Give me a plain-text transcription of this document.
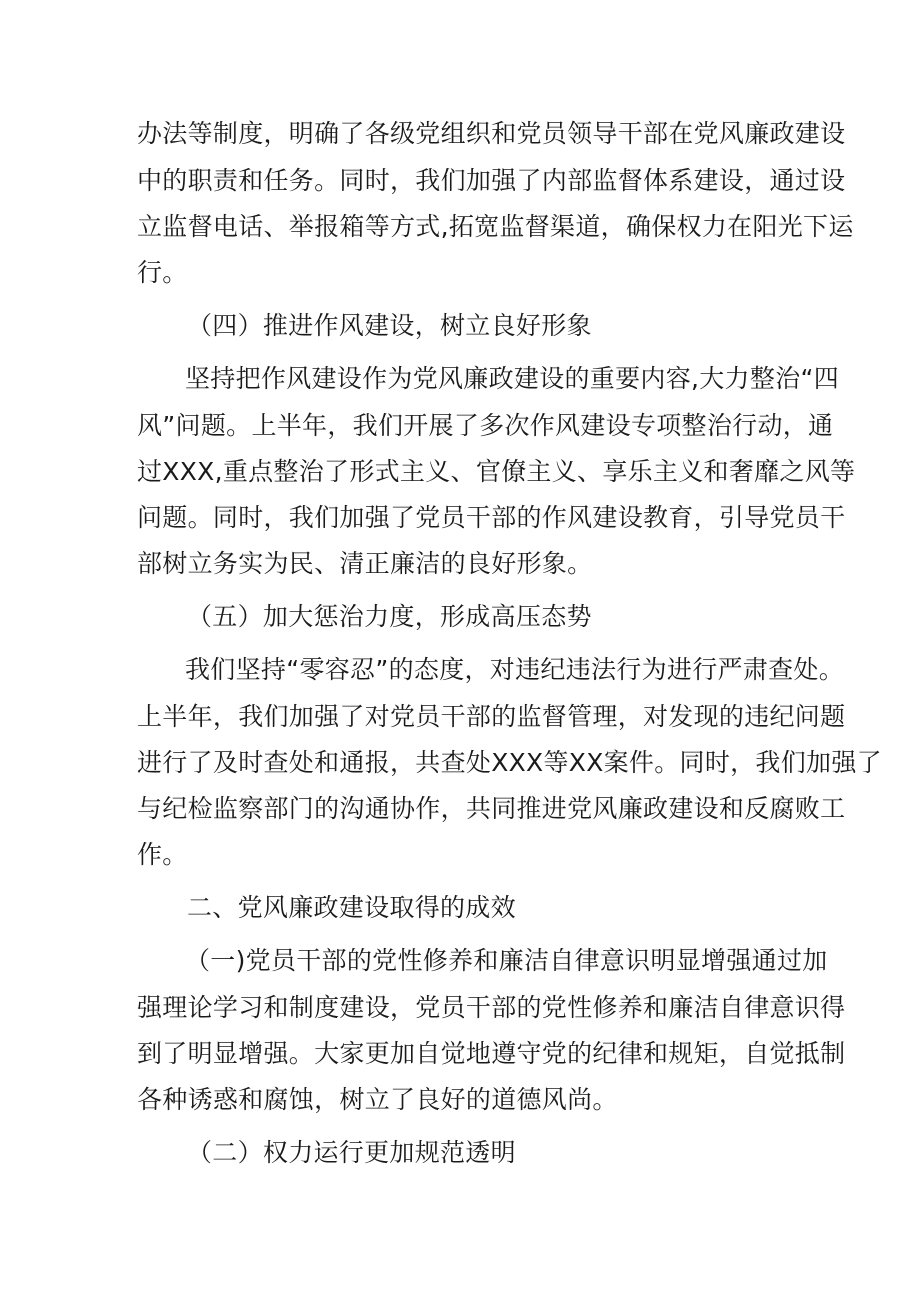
办法等制度，明确了各级党组织和党员领导干部在党风廉政建设
中的职责和任务。同时，我们加强了内部监督体系建设，通过设
立监督电话、举报箱等方式,拓宽监督渠道，确保权力在阳光下运
行。
（四）推进作风建设，树立良好形象
坚持把作风建设作为党风廉政建设的重要内容,大力整治“四
风”问题。上半年，我们开展了多次作风建设专项整治行动，通
过XXX,重点整治了形式主义、官僚主义、享乐主义和奢靡之风等
问题。同时，我们加强了党员干部的作风建设教育，引导党员干
部树立务实为民、清正廉洁的良好形象。
（五）加大惩治力度，形成高压态势
我们坚持“零容忍”的态度，对违纪违法行为进行严肃查处。
上半年，我们加强了对党员干部的监督管理，对发现的违纪问题
进行了及时查处和通报，共查处XXX等XX案件。同时，我们加强了
与纪检监察部门的沟通协作，共同推进党风廉政建设和反腐败工
作。
二、党风廉政建设取得的成效
（一)党员干部的党性修养和廉洁自律意识明显增强通过加
强理论学习和制度建设，党员干部的党性修养和廉洁自律意识得
到了明显增强。大家更加自觉地遵守党的纪律和规矩，自觉抵制
各种诱惑和腐蚀，树立了良好的道德风尚。
（二）权力运行更加规范透明
